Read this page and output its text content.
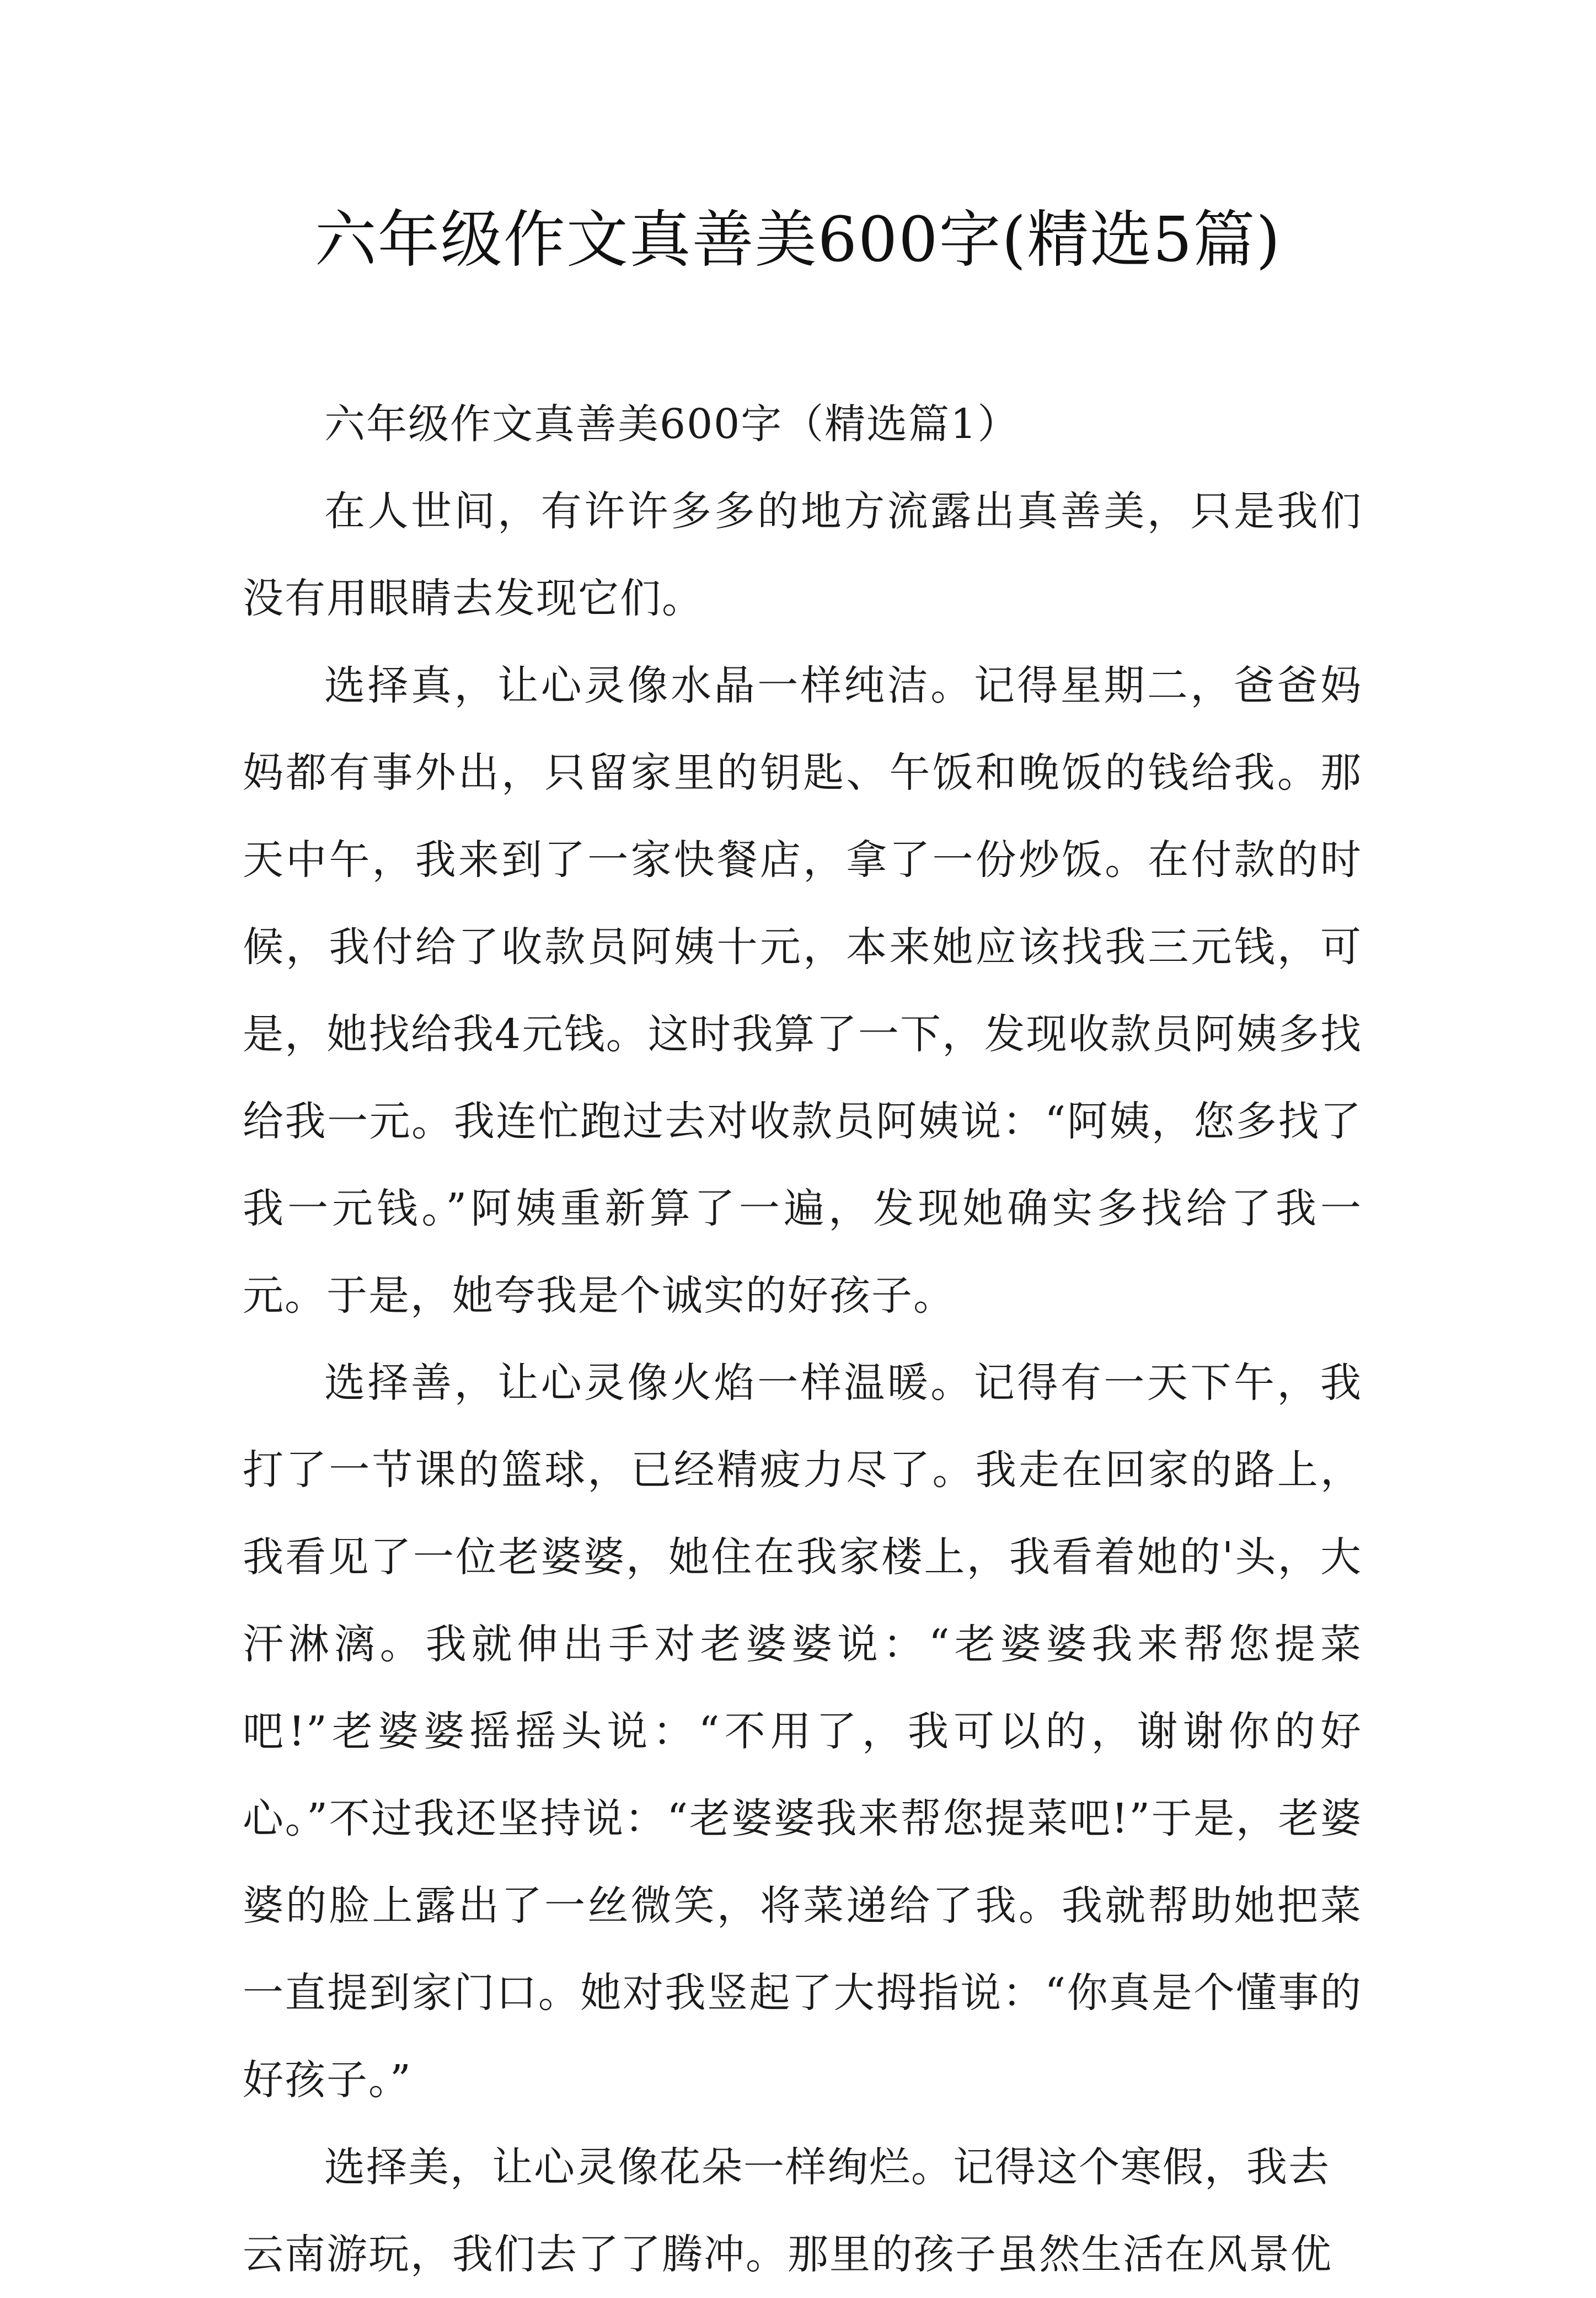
六年级作文真善美600字(精选5篇)

六年级作文真善美600字（精选篇1）

在人世间，有许许多多的地方流露出真善美，只是我们没有用眼睛去发现它们。

选择真，让心灵像水晶一样纯洁。记得星期二，爸爸妈妈都有事外出，只留家里的钥匙、午饭和晚饭的钱给我。那天中午，我来到了一家快餐店，拿了一份炒饭。在付款的时候，我付给了收款员阿姨十元，本来她应该找我三元钱，可是，她找给我4元钱。这时我算了一下，发现收款员阿姨多找给我一元。我连忙跑过去对收款员阿姨说：“阿姨，您多找了我一元钱。”阿姨重新算了一遍，发现她确实多找给了我一元。于是，她夸我是个诚实的好孩子。

选择善，让心灵像火焰一样温暖。记得有一天下午，我打了一节课的篮球，已经精疲力尽了。我走在回家的路上，我看见了一位老婆婆，她住在我家楼上，我看着她的'头，大汗淋漓。我就伸出手对老婆婆说：“老婆婆我来帮您提菜吧!”老婆婆摇摇头说：“不用了，我可以的，谢谢你的好心。”不过我还坚持说：“老婆婆我来帮您提菜吧!”于是，老婆婆的脸上露出了一丝微笑，将菜递给了我。我就帮助她把菜一直提到家门口。她对我竖起了大拇指说：“你真是个懂事的好孩子。”

选择美，让心灵像花朵一样绚烂。记得这个寒假，我去云南游玩，我们去了了腾冲。那里的孩子虽然生活在风景优
